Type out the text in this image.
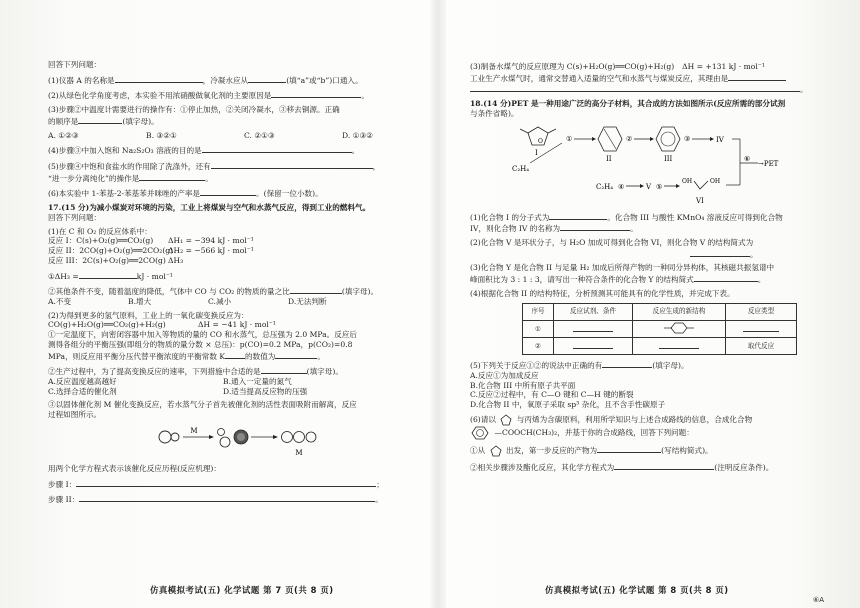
回答下列问题：

(1)仪器 A 的名称是	，冷凝水应从	(填“a”或“b”)口通入。

(2)从绿色化学角度考虑，本实验不用浓硝酸做氧化剂的主要原因是	。

(3)步骤②中温度计需要进行的操作有：①停止加热，②关闭冷凝水，③移去铜源。正确

的顺序是	(填字母)。

A. ①②③	B. ③②①	C. ②①③	D. ①③②

(4)步骤③中加入饱和 Na₂S₂O₃ 溶液的目的是	。

(5)步骤④中饱和食盐水的作用除了洗涤外，还有	，

“进一步分离纯化”的操作是	。

(6)本实验中 1-苯基-2-苯基苯并咪唑的产率是	。(保留一位小数)。

17.(15 分)为减小煤炭对环境的污染，工业上将煤炭与空气和水蒸气反应，得到工业的燃料气。

回答下列问题：

(1)在 C 和 O₂ 的反应体系中：

反应 I：C(s)+O₂(g)══CO₂(g) ΔH₁ = −394 kJ · mol⁻¹

反应 II：2CO(g)+O₂(g)══2CO₂(g)ΔH₂ = −566 kJ · mol⁻¹

反应 III：2C(s)+O₂(g)══2CO(g) ΔH₃

①ΔH₃ =	kJ · mol⁻¹

②其他条件不变，随着温度的降低，气体中 CO 与 CO₂ 的物质的量之比	(填字母)。

A.不变	B.增大	C.减小	D.无法判断

(2)为得到更多的氢气原料，工业上的一氧化碳变换反应为：

CO(g)+H₂O(g)══CO₂(g)+H₂(g)	ΔH = −41 kJ · mol⁻¹

①一定温度下，向密闭容器中加入等物质的量的 CO 和水蒸气，总压强为 2.0 MPa。反应后

测得各组分的平衡压强(即组分的物质的量分数 × 总压)：p(CO)=0.2 MPa，p(CO₂)=0.8

MPa，则反应用平衡分压代替平衡浓度的平衡常数 K	的数值为	。

②生产过程中，为了提高变换反应的速率，下列措施中合适的是	(填字母)。

A.反应温度越高越好	B.通入一定量的氮气
C.选择合适的催化剂	D.适当提高反应物的压强

③以固体催化剂 M 催化变换反应，若水蒸气分子首先被催化剂的活性表面吸附而解离，反应

过程如图所示。

M
M

用两个化学方程式表示该催化反应历程(反应机理)：

步骤 I：	；

步骤 II：	。

仿真模拟考试(五) 化学试题 第 7 页(共 8 页)

(3)制备水煤气的反应原理为 C(s)+H₂O(g)══CO(g)+H₂(g) ΔH = +131 kJ · mol⁻¹

工业生产水煤气时，通常交替通入适量的空气和水蒸气与煤炭反应，其理由是

。

18.(14 分)PET 是一种用途广泛的高分子材料，其合成的方法如图所示(反应所需的部分试剂

与条件省略)。

O
I
C₂H₄
①
II
②
III
③	IV
⑥
→PET
C₂H₄ ④	V ⑤
OH	OH
VI

(1)化合物 I 的分子式为	。化合物 III 与酸性 KMnO₄ 溶液反应可得到化合物

IV，则化合物 IV 的名称为	。

(2)化合物 V 是环状分子，与 H₂O 加成可得到化合物 VI，则化合物 V 的结构简式为

。

(3)化合物 Y 是化合物 II 与足量 H₂ 加成后所得产物的一种同分异构体，其核磁共振氢谱中

峰面积比为 3 : 1 : 3，请写出一种符合条件的化合物 Y 的结构简式	。

(4)根据化合物 II 的结构特征，分析预测其可能具有的化学性质，并完成下表。

序号	反应试剂、条件	反应生成的新结构	反应类型
①			
②			取代反应

(5)下列关于反应①②的说法中正确的有	(填字母)。

A.反应①为加成反应

B.化合物 III 中所有原子共平面

C.反应②过程中，有 C—O 键和 C—H 键的断裂

D.化合物 II 中，氧原子采取 sp³ 杂化，且不含手性碳原子

(6)请以	与丙烯为含碳原料，利用所学知识与上述合成路线的信息，合成化合物

—COOCH(CH₃)₂，并基于你的合成路线，回答下列问题：

①从	出发，第一步反应的产物为	(写结构简式)。

②相关步骤涉及酯化反应，其化学方程式为	(注明反应条件)。

仿真模拟考试(五) 化学试题 第 8 页(共 8 页)
⑥A
